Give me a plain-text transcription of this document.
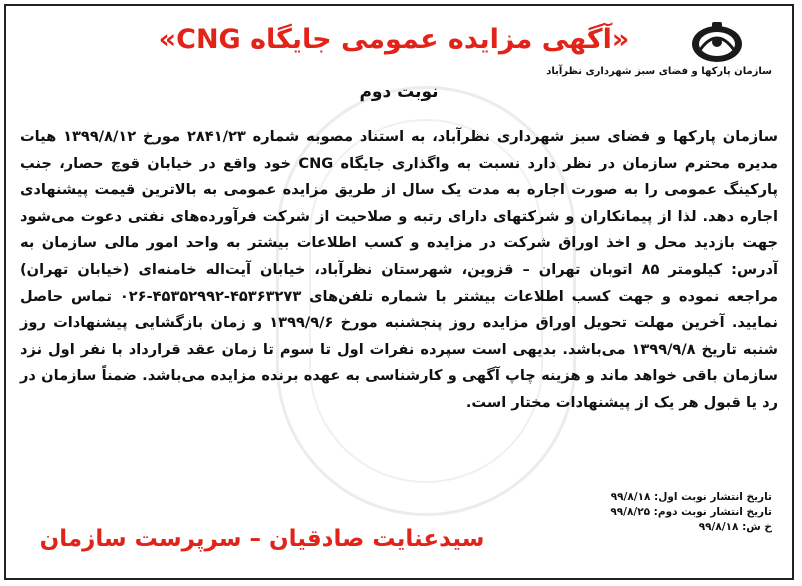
سازمان پارکها و فضای سبز شهرداری نظرآباد
«آگهی مزایده عمومی جایگاه CNG»
نوبت دوم
سازمان پارکها و فضای سبز شهرداری نظرآباد، به استناد مصوبه شماره ۲۸۴۱/۲۳ مورخ ۱۳۹۹/۸/۱۲ هیات مدیره محترم سازمان در نظر دارد نسبت به واگذاری جایگاه CNG خود واقع در خیابان قوچ حصار، جنب پارکینگ عمومی را به صورت اجاره به مدت یک سال از طریق مزایده عمومی به بالاترین قیمت پیشنهادی اجاره دهد. لذا از پیمانکاران و شرکتهای دارای رتبه و صلاحیت از شرکت فرآورده‌های نفتی دعوت می‌شود جهت بازدید محل و اخذ اوراق شرکت در مزایده و کسب اطلاعات بیشتر به واحد امور مالی سازمان به آدرس: کیلومتر ۸۵ اتوبان تهران – قزوین، شهرستان نظرآباد، خیابان آیت‌اله خامنه‌ای (خیابان تهران) مراجعه نموده و جهت کسب اطلاعات بیشتر با شماره تلفن‌های ۴۵۳۶۳۲۷۳-۴۵۳۵۲۹۹۲-۰۲۶ تماس حاصل نمایید. آخرین مهلت تحویل اوراق مزایده روز پنجشنبه مورخ ۱۳۹۹/۹/۶ و زمان بازگشایی پیشنهادات روز شنبه تاریخ ۱۳۹۹/۹/۸ می‌باشد. بدیهی است سپرده نفرات اول تا سوم تا زمان عقد قرارداد با نفر اول نزد سازمان باقی خواهد ماند و هزینه چاپ آگهی و کارشناسی به عهده برنده مزایده می‌باشد. ضمناً سازمان در رد یا قبول هر یک از پیشنهادات مختار است.
تاریخ انتشار نوبت اول: ۹۹/۸/۱۸
تاریخ انتشار نوبت دوم: ۹۹/۸/۲۵
خ ش: ۹۹/۸/۱۸
سیدعنایت صادقیان – سرپرست سازمان
